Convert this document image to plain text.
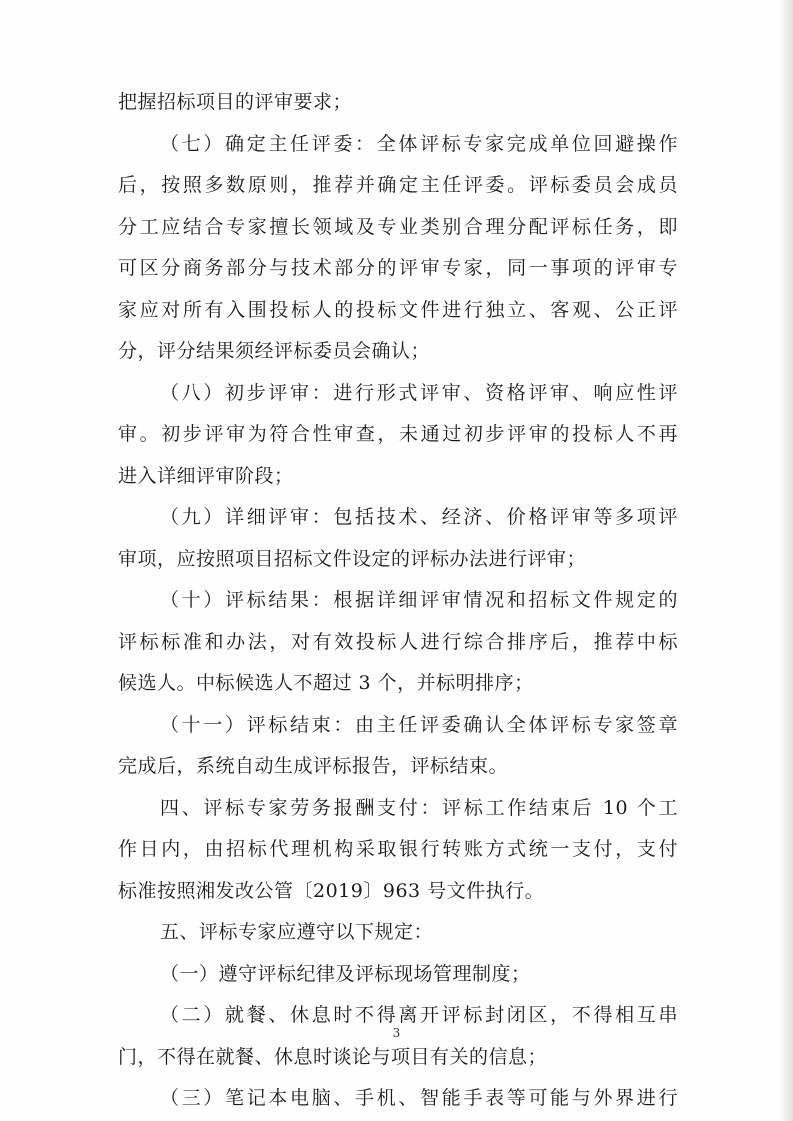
把握招标项目的评审要求；
（七）确定主任评委：全体评标专家完成单位回避操作
后，按照多数原则，推荐并确定主任评委。评标委员会成员
分工应结合专家擅长领域及专业类别合理分配评标任务，即
可区分商务部分与技术部分的评审专家，同一事项的评审专
家应对所有入围投标人的投标文件进行独立、客观、公正评
分，评分结果须经评标委员会确认；
（八）初步评审：进行形式评审、资格评审、响应性评
审。初步评审为符合性审查，未通过初步评审的投标人不再
进入详细评审阶段；
（九）详细评审：包括技术、经济、价格评审等多项评
审项，应按照项目招标文件设定的评标办法进行评审；
（十）评标结果：根据详细评审情况和招标文件规定的
评标标准和办法，对有效投标人进行综合排序后，推荐中标
候选人。中标候选人不超过 3 个，并标明排序；
（十一）评标结束：由主任评委确认全体评标专家签章
完成后，系统自动生成评标报告，评标结束。
四、评标专家劳务报酬支付：评标工作结束后 10 个工
作日内，由招标代理机构采取银行转账方式统一支付，支付
标准按照湘发改公管〔2019〕963 号文件执行。
五、评标专家应遵守以下规定：
（一）遵守评标纪律及评标现场管理制度；
（二）就餐、休息时不得离开评标封闭区，不得相互串
门，不得在就餐、休息时谈论与项目有关的信息；
（三）笔记本电脑、手机、智能手表等可能与外界进行
3
